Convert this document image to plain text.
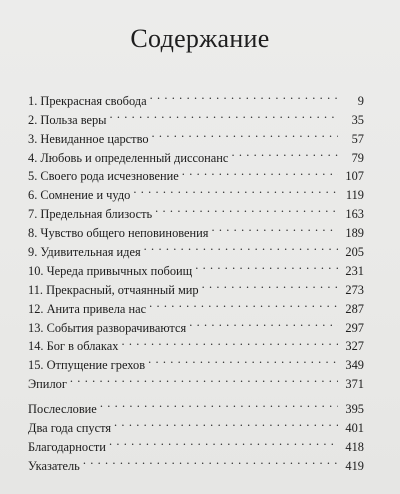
Содержание
1. Прекрасная свобода . . .	9
2. Польза веры . . .	35
3. Невиданное царство . . .	57
4. Любовь и определенный диссонанс . . .	79
5. Своего рода исчезновение . . .	107
6. Сомнение и чудо . . .	119
7. Предельная близость . . .	163
8. Чувство общего неповиновения . . .	189
9. Удивительная идея . . .	205
10. Череда привычных побоищ . . .	231
11. Прекрасный, отчаянный мир . . .	273
12. Анита привела нас . . .	287
13. События разворачиваются . . .	297
14. Бог в облаках . . .	327
15. Отпущение грехов . . .	349
Эпилог . . .	371
Послесловие . . .	395
Два года спустя . . .	401
Благодарности . . .	418
Указатель . . .	419
